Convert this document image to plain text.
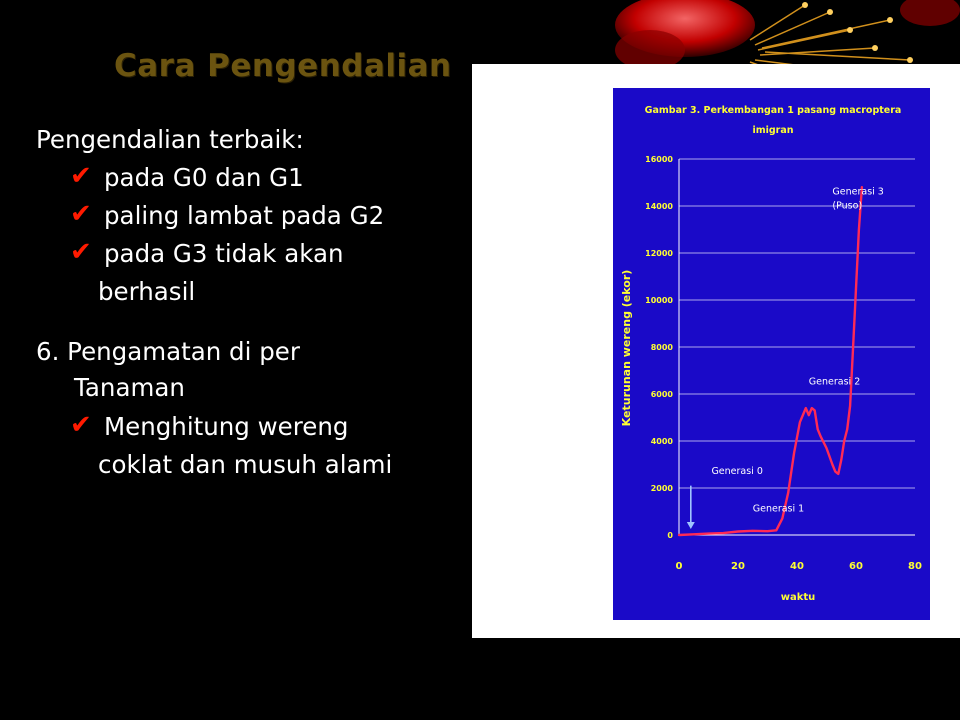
Cara Pengendalian
Pengendalian terbaik:
✔ pada G0 dan G1
✔ paling lambat pada G2
✔ pada G3 tidak akan
berhasil
6. Pengamatan di per
Tanaman
✔ Menghitung wereng
coklat dan musuh alami
Gambar 3. Perkembangan 1 pasang macroptera
imigran
Keturunan wereng (ekor)
waktu
0
2000
4000
6000
8000
10000
12000
14000
16000
0	20	40	60	80
Generasi 0
Generasi 1
Generasi 2
Generasi 3
(Puso)
